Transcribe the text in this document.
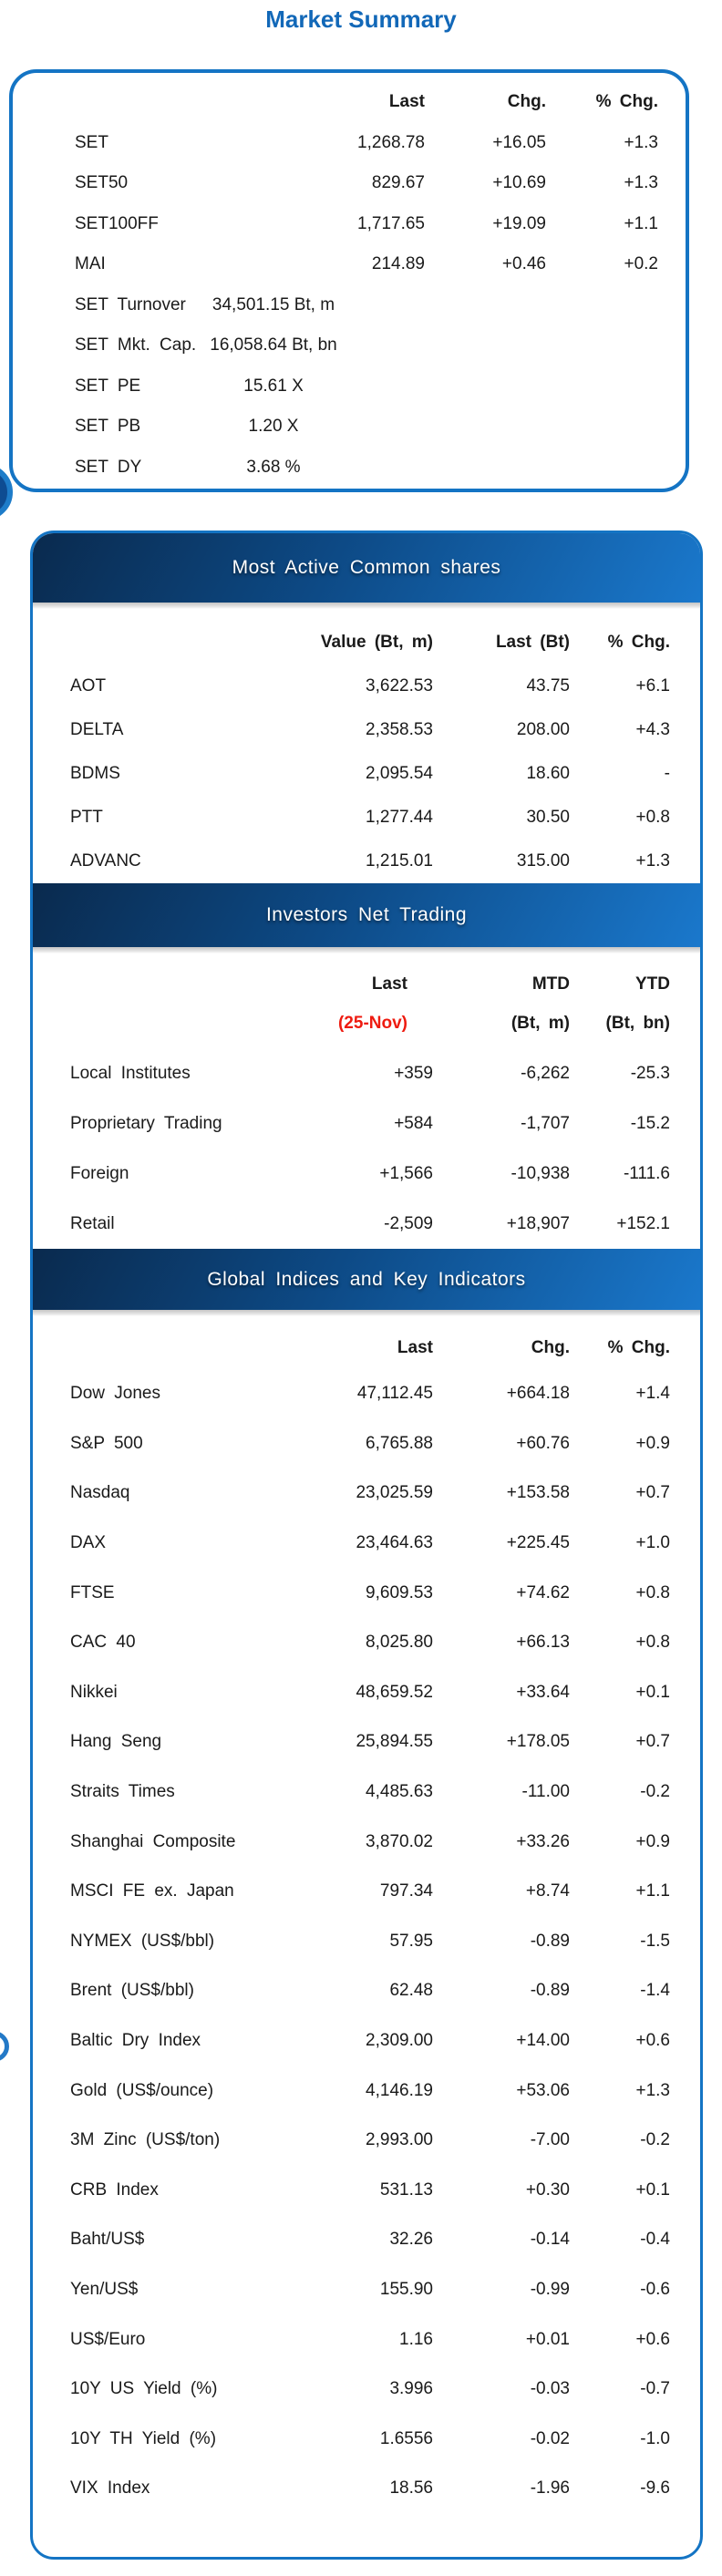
Market Summary
Last	Chg.	% Chg.
SET	1,268.78	+16.05	+1.3
SET50	829.67	+10.69	+1.3
SET100FF	1,717.65	+19.09	+1.1
MAI	214.89	+0.46	+0.2
SET Turnover 34,501.15 Bt, m
SET Mkt. Cap. 16,058.64 Bt, bn
SET PE	15.61 X
SET PB	1.20 X
SET DY	3.68 %
Most Active Common shares
Value (Bt, m)	Last (Bt)	% Chg.
AOT	3,622.53	43.75	+6.1
DELTA	2,358.53	208.00	+4.3
BDMS	2,095.54	18.60	-
PTT	1,277.44	30.50	+0.8
ADVANC	1,215.01	315.00	+1.3
Investors Net Trading
Last	MTD	YTD
(25-Nov)	(Bt, m)	(Bt, bn)
Local Institutes	+359	-6,262	-25.3
Proprietary Trading	+584	-1,707	-15.2
Foreign	+1,566	-10,938	-111.6
Retail	-2,509	+18,907	+152.1
Global Indices and Key Indicators
Last	Chg.	% Chg.
Dow Jones	47,112.45	+664.18	+1.4
S&P 500	6,765.88	+60.76	+0.9
Nasdaq	23,025.59	+153.58	+0.7
DAX	23,464.63	+225.45	+1.0
FTSE	9,609.53	+74.62	+0.8
CAC 40	8,025.80	+66.13	+0.8
Nikkei	48,659.52	+33.64	+0.1
Hang Seng	25,894.55	+178.05	+0.7
Straits Times	4,485.63	-11.00	-0.2
Shanghai Composite	3,870.02	+33.26	+0.9
MSCI FE ex. Japan	797.34	+8.74	+1.1
NYMEX (US$/bbl)	57.95	-0.89	-1.5
Brent (US$/bbl)	62.48	-0.89	-1.4
Baltic Dry Index	2,309.00	+14.00	+0.6
Gold (US$/ounce)	4,146.19	+53.06	+1.3
3M Zinc (US$/ton)	2,993.00	-7.00	-0.2
CRB Index	531.13	+0.30	+0.1
Baht/US$	32.26	-0.14	-0.4
Yen/US$	155.90	-0.99	-0.6
US$/Euro	1.16	+0.01	+0.6
10Y US Yield (%)	3.996	-0.03	-0.7
10Y TH Yield (%)	1.6556	-0.02	-1.0
VIX Index	18.56	-1.96	-9.6
